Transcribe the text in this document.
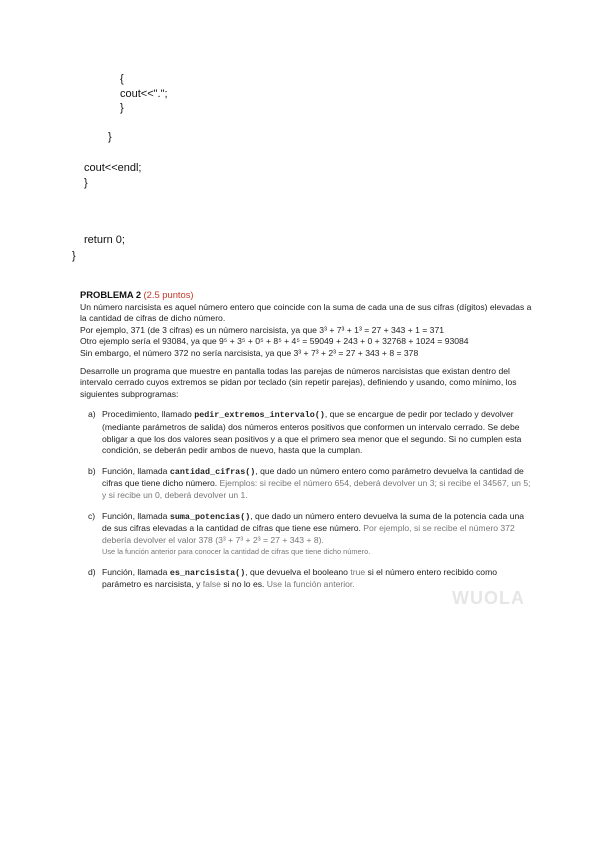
{
cout<<".";
}
}
cout<<endl;
}
return 0;
}

PROBLEMA 2 (2.5 puntos)

Un número narcisista es aquel número entero que coincide con la suma de cada una de sus cifras (dígitos) elevadas a la cantidad de cifras de dicho número.

Por ejemplo, 371 (de 3 cifras) es un número narcisista, ya que 3³ + 7³ + 1³ = 27 + 343 + 1 = 371

Otro ejemplo sería el 93084, ya que 9⁵ + 3⁵ + 0⁵ + 8⁵ + 4⁵ = 59049 + 243 + 0 + 32768 + 1024 = 93084

Sin embargo, el número 372 no sería narcisista, ya que 3³ + 7³ + 2³ = 27 + 343 + 8 = 378

Desarrolle un programa que muestre en pantalla todas las parejas de números narcisistas que existan dentro del intervalo cerrado cuyos extremos se pidan por teclado (sin repetir parejas), definiendo y usando, como mínimo, los siguientes subprogramas:

a) Procedimiento, llamado pedir_extremos_intervalo(), que se encargue de pedir por teclado y devolver (mediante parámetros de salida) dos números enteros positivos que conformen un intervalo cerrado. Se debe obligar a que los dos valores sean positivos y a que el primero sea menor que el segundo. Si no cumplen esta condición, se deberán pedir ambos de nuevo, hasta que la cumplan.
b) Función, llamada cantidad_cifras(), que dado un número entero como parámetro devuelva la cantidad de cifras que tiene dicho número. Ejemplos: si recibe el número 654, deberá devolver un 3; si recibe el 34567, un 5; y si recibe un 0, deberá devolver un 1.
c) Función, llamada suma_potencias(), que dado un número entero devuelva la suma de la potencia cada una de sus cifras elevadas a la cantidad de cifras que tiene ese número. Por ejemplo, si se recibe el número 372 debería devolver el valor 378 (3³ + 7³ + 2³ = 27 + 343 + 8).

Use la función anterior para conocer la cantidad de cifras que tiene dicho número.

d) Función, llamada es_narcisista(), que devuelva el booleano true si el número entero recibido como parámetro es narcisista, y false si no lo es. Use la función anterior.
WUOLA
